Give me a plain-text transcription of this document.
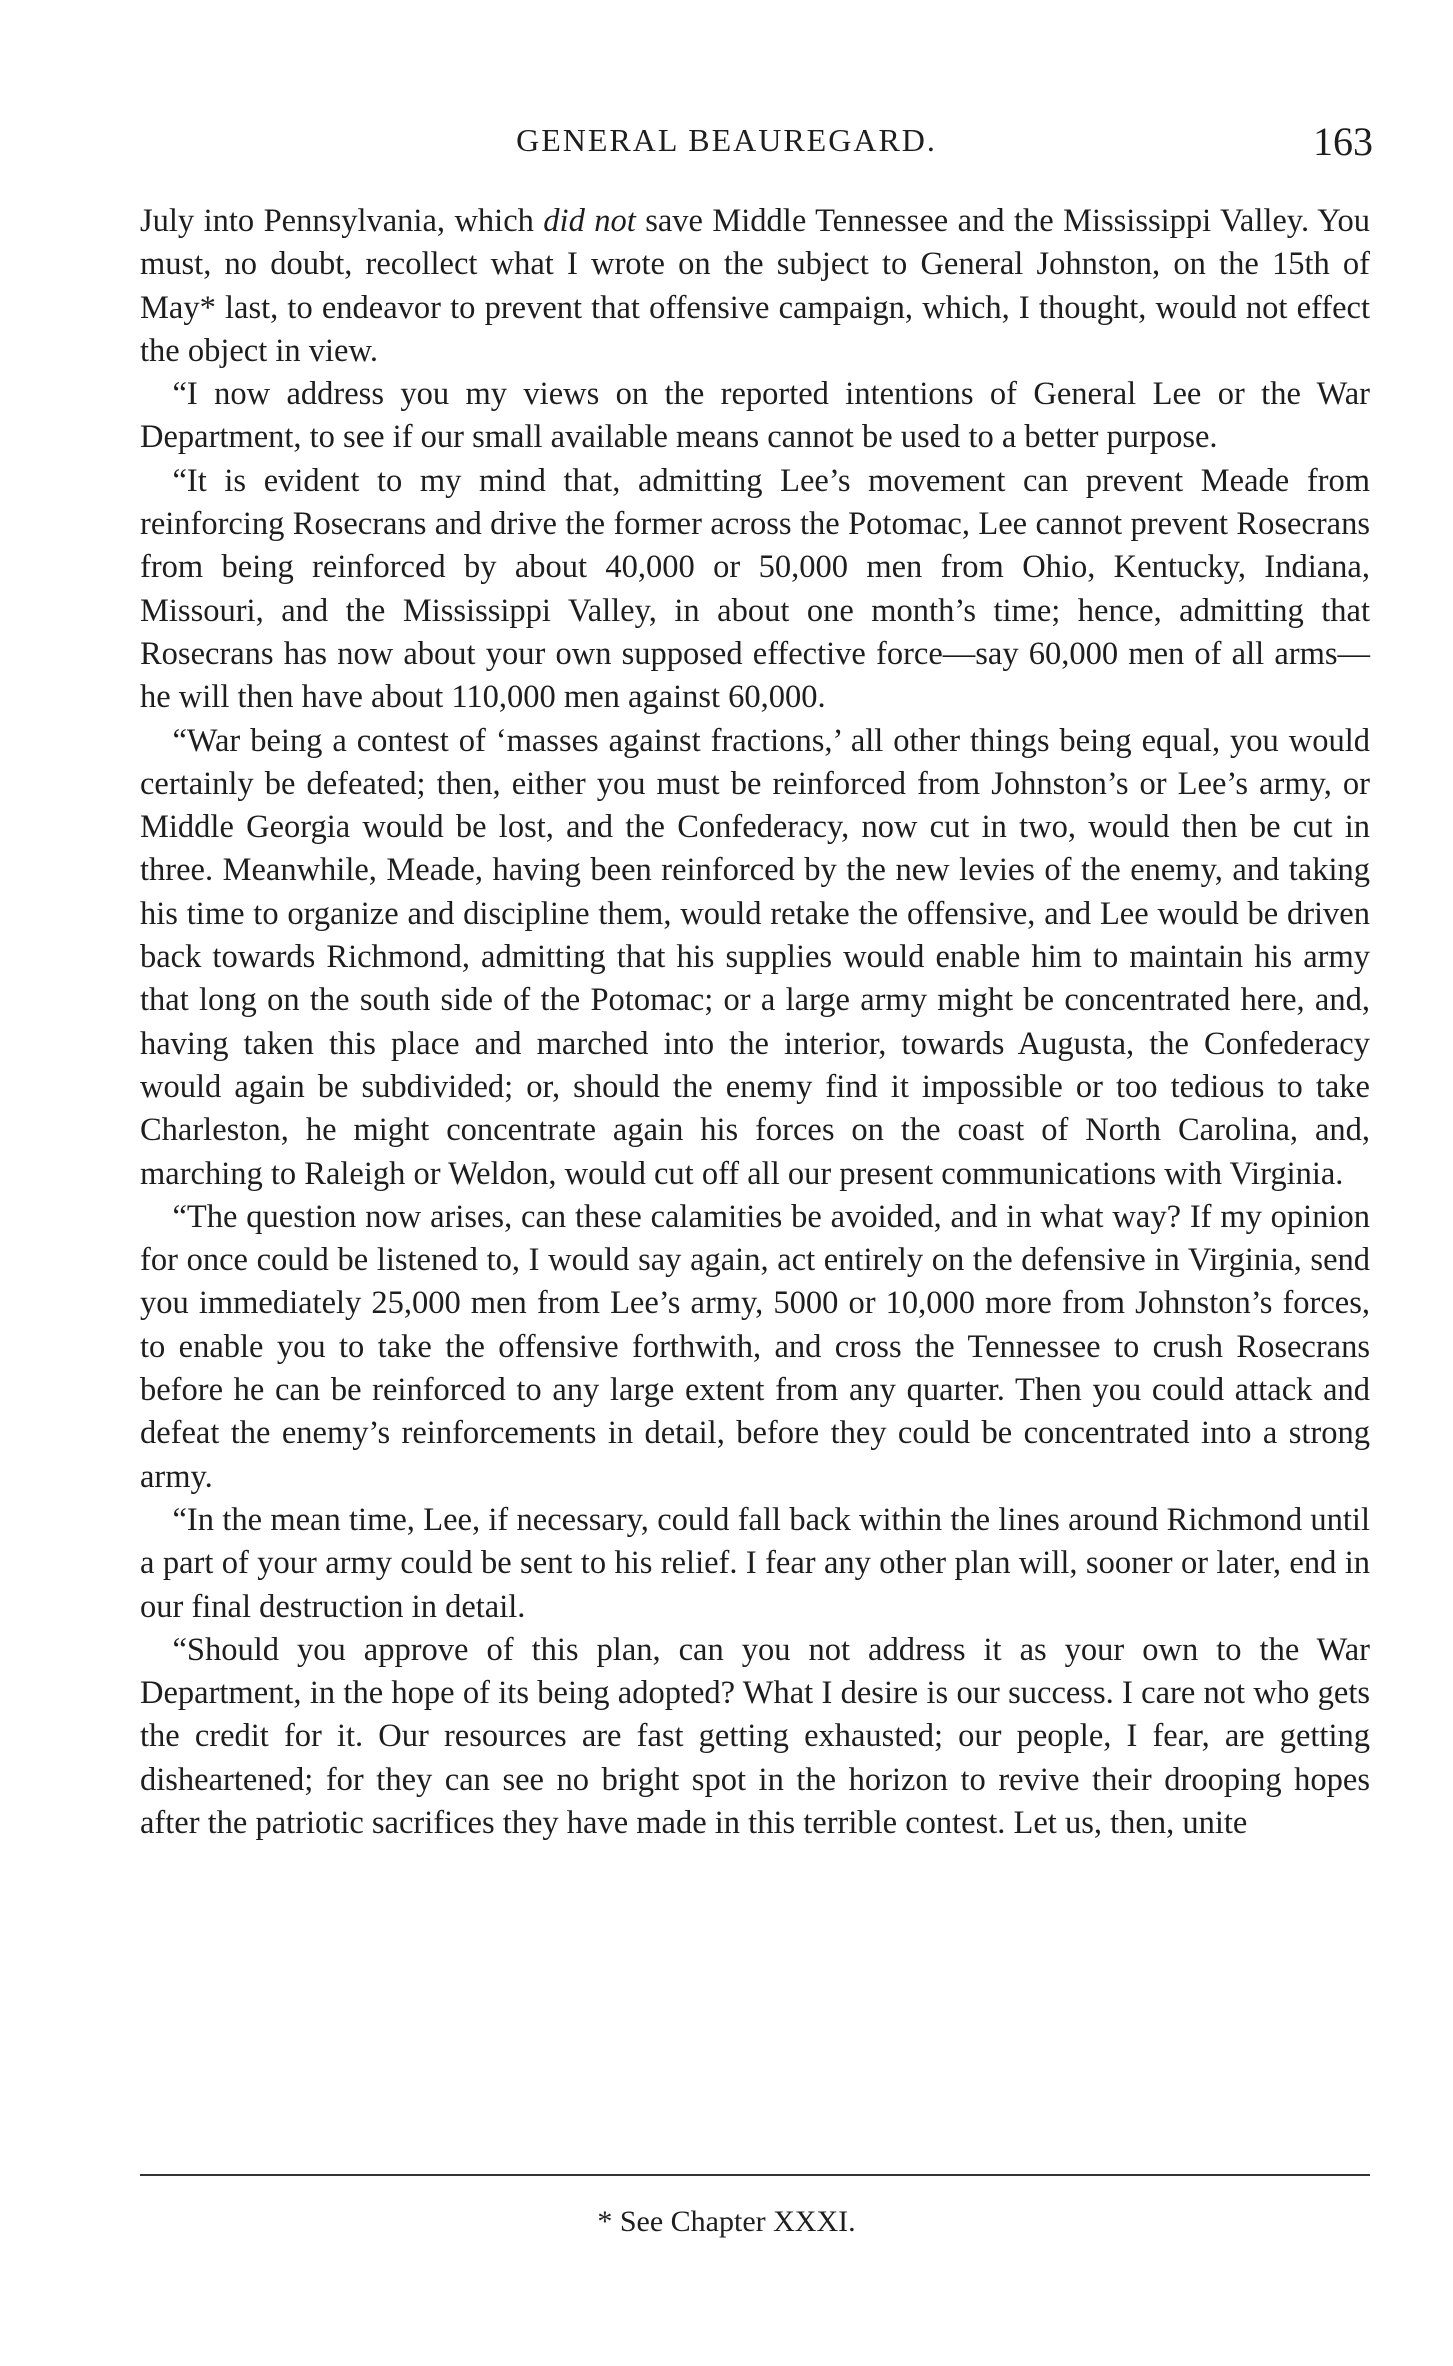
GENERAL BEAUREGARD.	163

July into Pennsylvania, which did not save Middle Tennessee and the Mississippi Valley. You must, no doubt, recollect what I wrote on the subject to General Johnston, on the 15th of May* last, to endeavor to prevent that offensive campaign, which, I thought, would not effect the object in view.

“I now address you my views on the reported intentions of General Lee or the War Department, to see if our small available means cannot be used to a better purpose.

“It is evident to my mind that, admitting Lee’s movement can prevent Meade from reinforcing Rosecrans and drive the former across the Potomac, Lee cannot prevent Rosecrans from being reinforced by about 40,000 or 50,000 men from Ohio, Kentucky, Indiana, Missouri, and the Mississippi Valley, in about one month’s time; hence, admitting that Rosecrans has now about your own supposed effective force—say 60,000 men of all arms—he will then have about 110,000 men against 60,000.

“War being a contest of ‘masses against fractions,’ all other things being equal, you would certainly be defeated; then, either you must be reinforced from Johnston’s or Lee’s army, or Middle Georgia would be lost, and the Confederacy, now cut in two, would then be cut in three. Meanwhile, Meade, having been reinforced by the new levies of the enemy, and taking his time to organize and discipline them, would retake the offensive, and Lee would be driven back towards Richmond, admitting that his supplies would enable him to maintain his army that long on the south side of the Potomac; or a large army might be concentrated here, and, having taken this place and marched into the interior, towards Augusta, the Confederacy would again be subdivided; or, should the enemy find it impossible or too tedious to take Charleston, he might concentrate again his forces on the coast of North Carolina, and, marching to Raleigh or Weldon, would cut off all our present communications with Virginia.

“The question now arises, can these calamities be avoided, and in what way? If my opinion for once could be listened to, I would say again, act entirely on the defensive in Virginia, send you immediately 25,000 men from Lee’s army, 5000 or 10,000 more from Johnston’s forces, to enable you to take the offensive forthwith, and cross the Tennessee to crush Rosecrans before he can be reinforced to any large extent from any quarter. Then you could attack and defeat the enemy’s reinforcements in detail, before they could be concentrated into a strong army.

“In the mean time, Lee, if necessary, could fall back within the lines around Richmond until a part of your army could be sent to his relief. I fear any other plan will, sooner or later, end in our final destruction in detail.

“Should you approve of this plan, can you not address it as your own to the War Department, in the hope of its being adopted? What I desire is our success. I care not who gets the credit for it. Our resources are fast getting exhausted; our people, I fear, are getting disheartened; for they can see no bright spot in the horizon to revive their drooping hopes after the patriotic sacrifices they have made in this terrible contest. Let us, then, unite

* See Chapter XXXI.
